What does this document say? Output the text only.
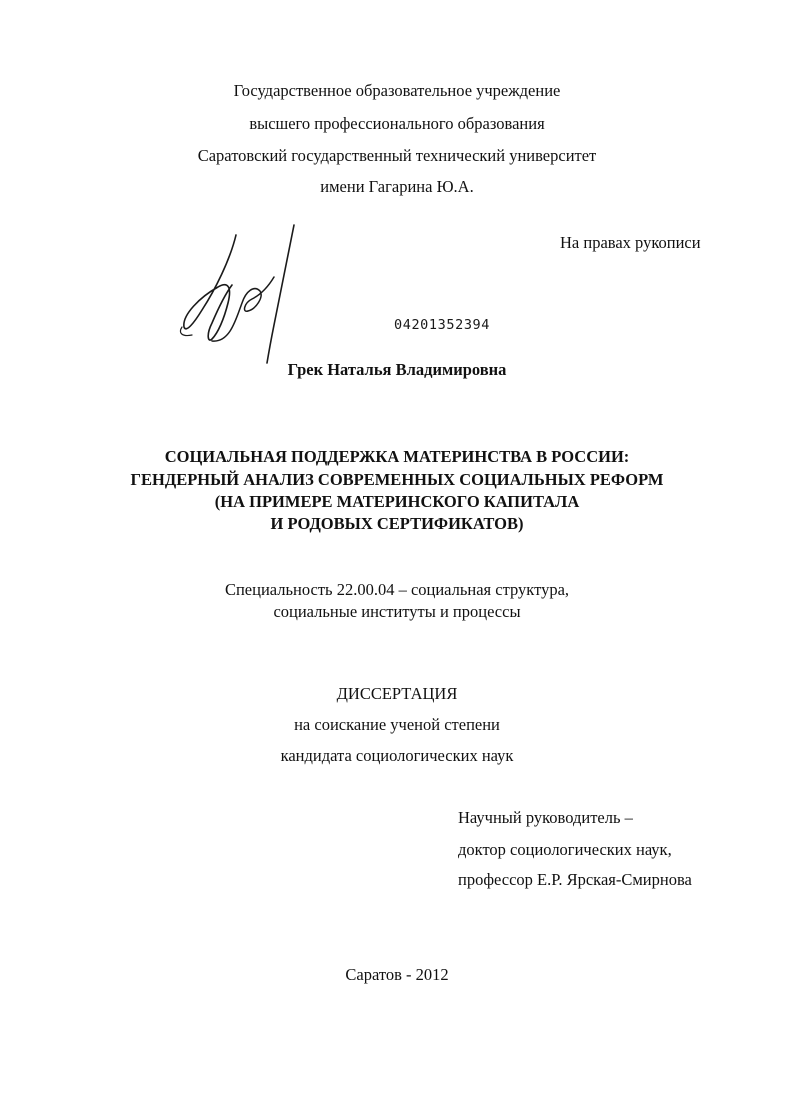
Государственное образовательное учреждение
высшего профессионального образования
Саратовский государственный технический университет
имени Гагарина Ю.А.
На правах рукописи
04201352394
Грек Наталья Владимировна
СОЦИАЛЬНАЯ ПОДДЕРЖКА МАТЕРИНСТВА В РОССИИ:
ГЕНДЕРНЫЙ АНАЛИЗ СОВРЕМЕННЫХ СОЦИАЛЬНЫХ РЕФОРМ
(НА ПРИМЕРЕ МАТЕРИНСКОГО КАПИТАЛА
И РОДОВЫХ СЕРТИФИКАТОВ)
Специальность 22.00.04 – социальная структура,
социальные институты и процессы
ДИССЕРТАЦИЯ
на соискание ученой степени
кандидата социологических наук
Научный руководитель –
доктор социологических наук,
профессор Е.Р. Ярская-Смирнова
Саратов - 2012
